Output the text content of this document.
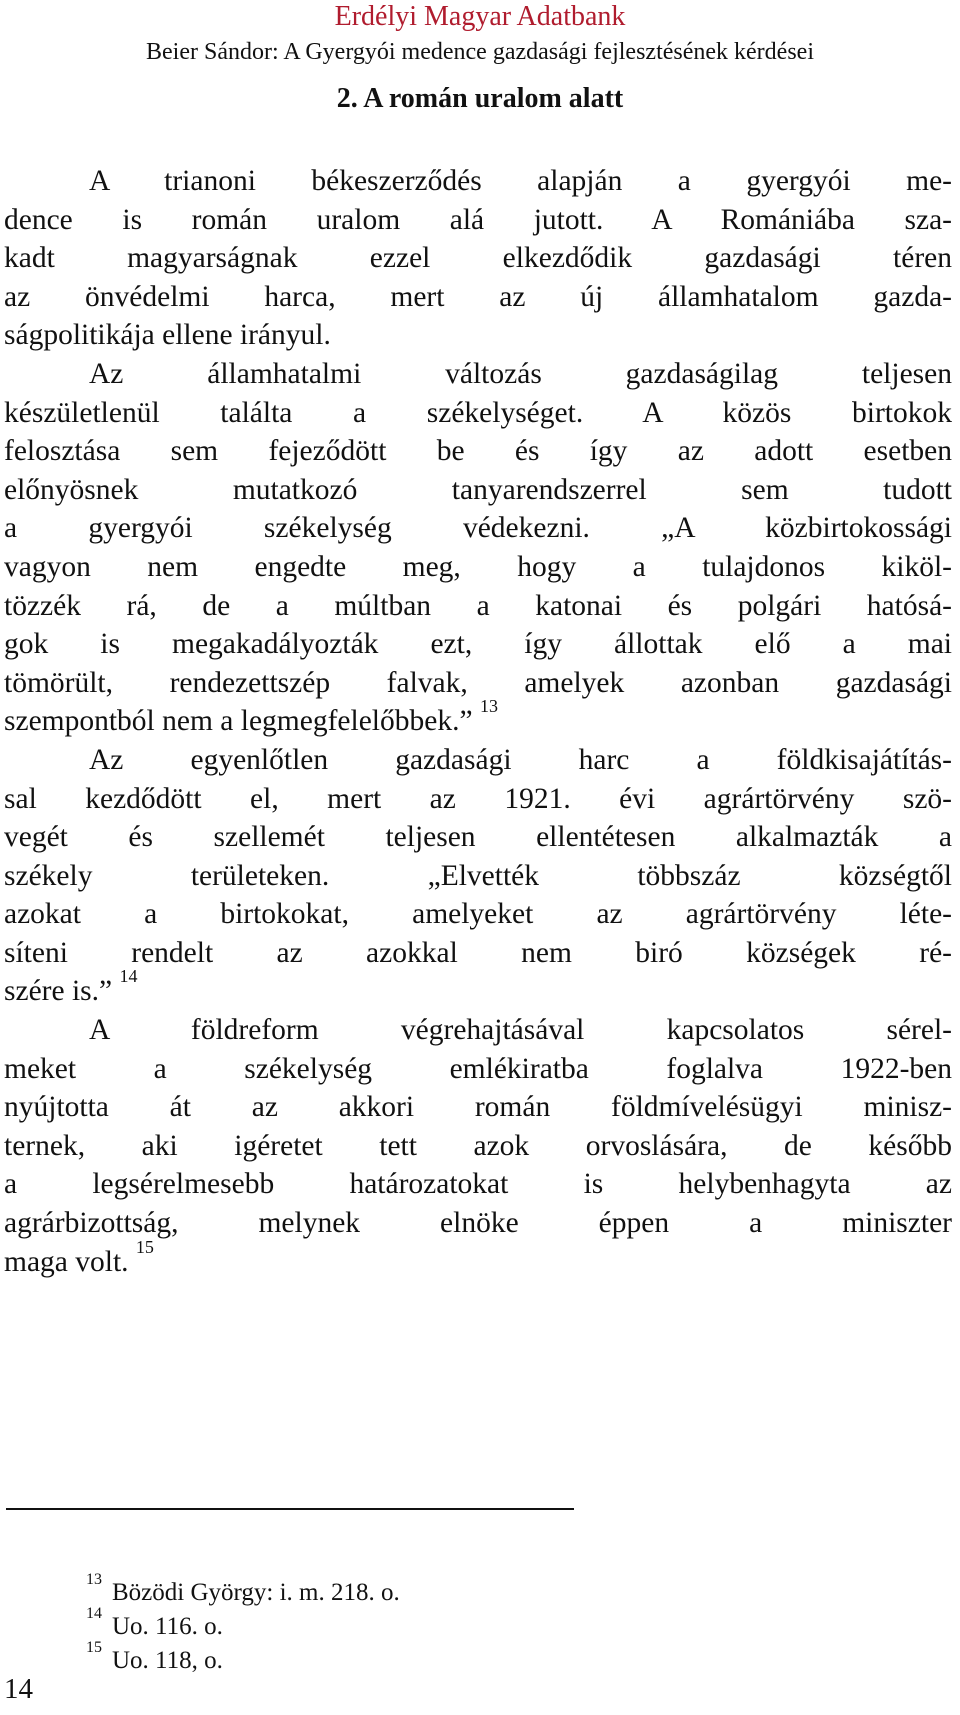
Erdélyi Magyar Adatbank
Beier Sándor: A Gyergyói medence gazdasági fejlesztésének kérdései
2. A román uralom alatt
A trianoni békeszerződés alapján a gyergyói me-
dence is román uralom alá jutott. A Romániába sza-
kadt magyarságnak ezzel elkezdődik gazdasági téren
az önvédelmi harca, mert az új államhatalom gazda-
ságpolitikája ellene irányul.
Az államhatalmi változás gazdaságilag teljesen
készületlenül találta a székelységet. A közös birtokok
felosztása sem fejeződött be és így az adott esetben
előnyösnek mutatkozó tanyarendszerrel sem tudott
a gyergyói székelység védekezni. „A közbirtokossági
vagyon nem engedte meg, hogy a tulajdonos kiköl-
tözzék rá, de a múltban a katonai és polgári hatósá-
gok is megakadályozták ezt, így állottak elő a mai
tömörült, rendezettszép falvak, amelyek azonban gazdasági
szempontból nem a legmegfelelőbbek.” $^{13}$
Az egyenlőtlen gazdasági harc a földkisajátítás-
sal kezdődött el, mert az 1921. évi agrártörvény szö-
vegét és szellemét teljesen ellentétesen alkalmazták a
székely területeken. „Elvették többszáz községtől
azokat a birtokokat, amelyeket az agrártörvény léte-
síteni rendelt az azokkal nem biró községek ré-
szére is.” $^{14}$
A földreform végrehajtásával kapcsolatos sérel-
meket a székelység emlékiratba foglalva 1922-ben
nyújtotta át az akkori román földmívelésügyi minisz-
ternek, aki igéretet tett azok orvoslására, de később
a legsérelmesebb határozatokat is helybenhagyta az
agrárbizottság, melynek elnöke éppen a miniszter
maga volt. $^{15}$
$^{13}$ Bözödi György: i. m. 218. o.
$^{14}$ Uo. 116. o.
$^{15}$ Uo. 118, o.
14
